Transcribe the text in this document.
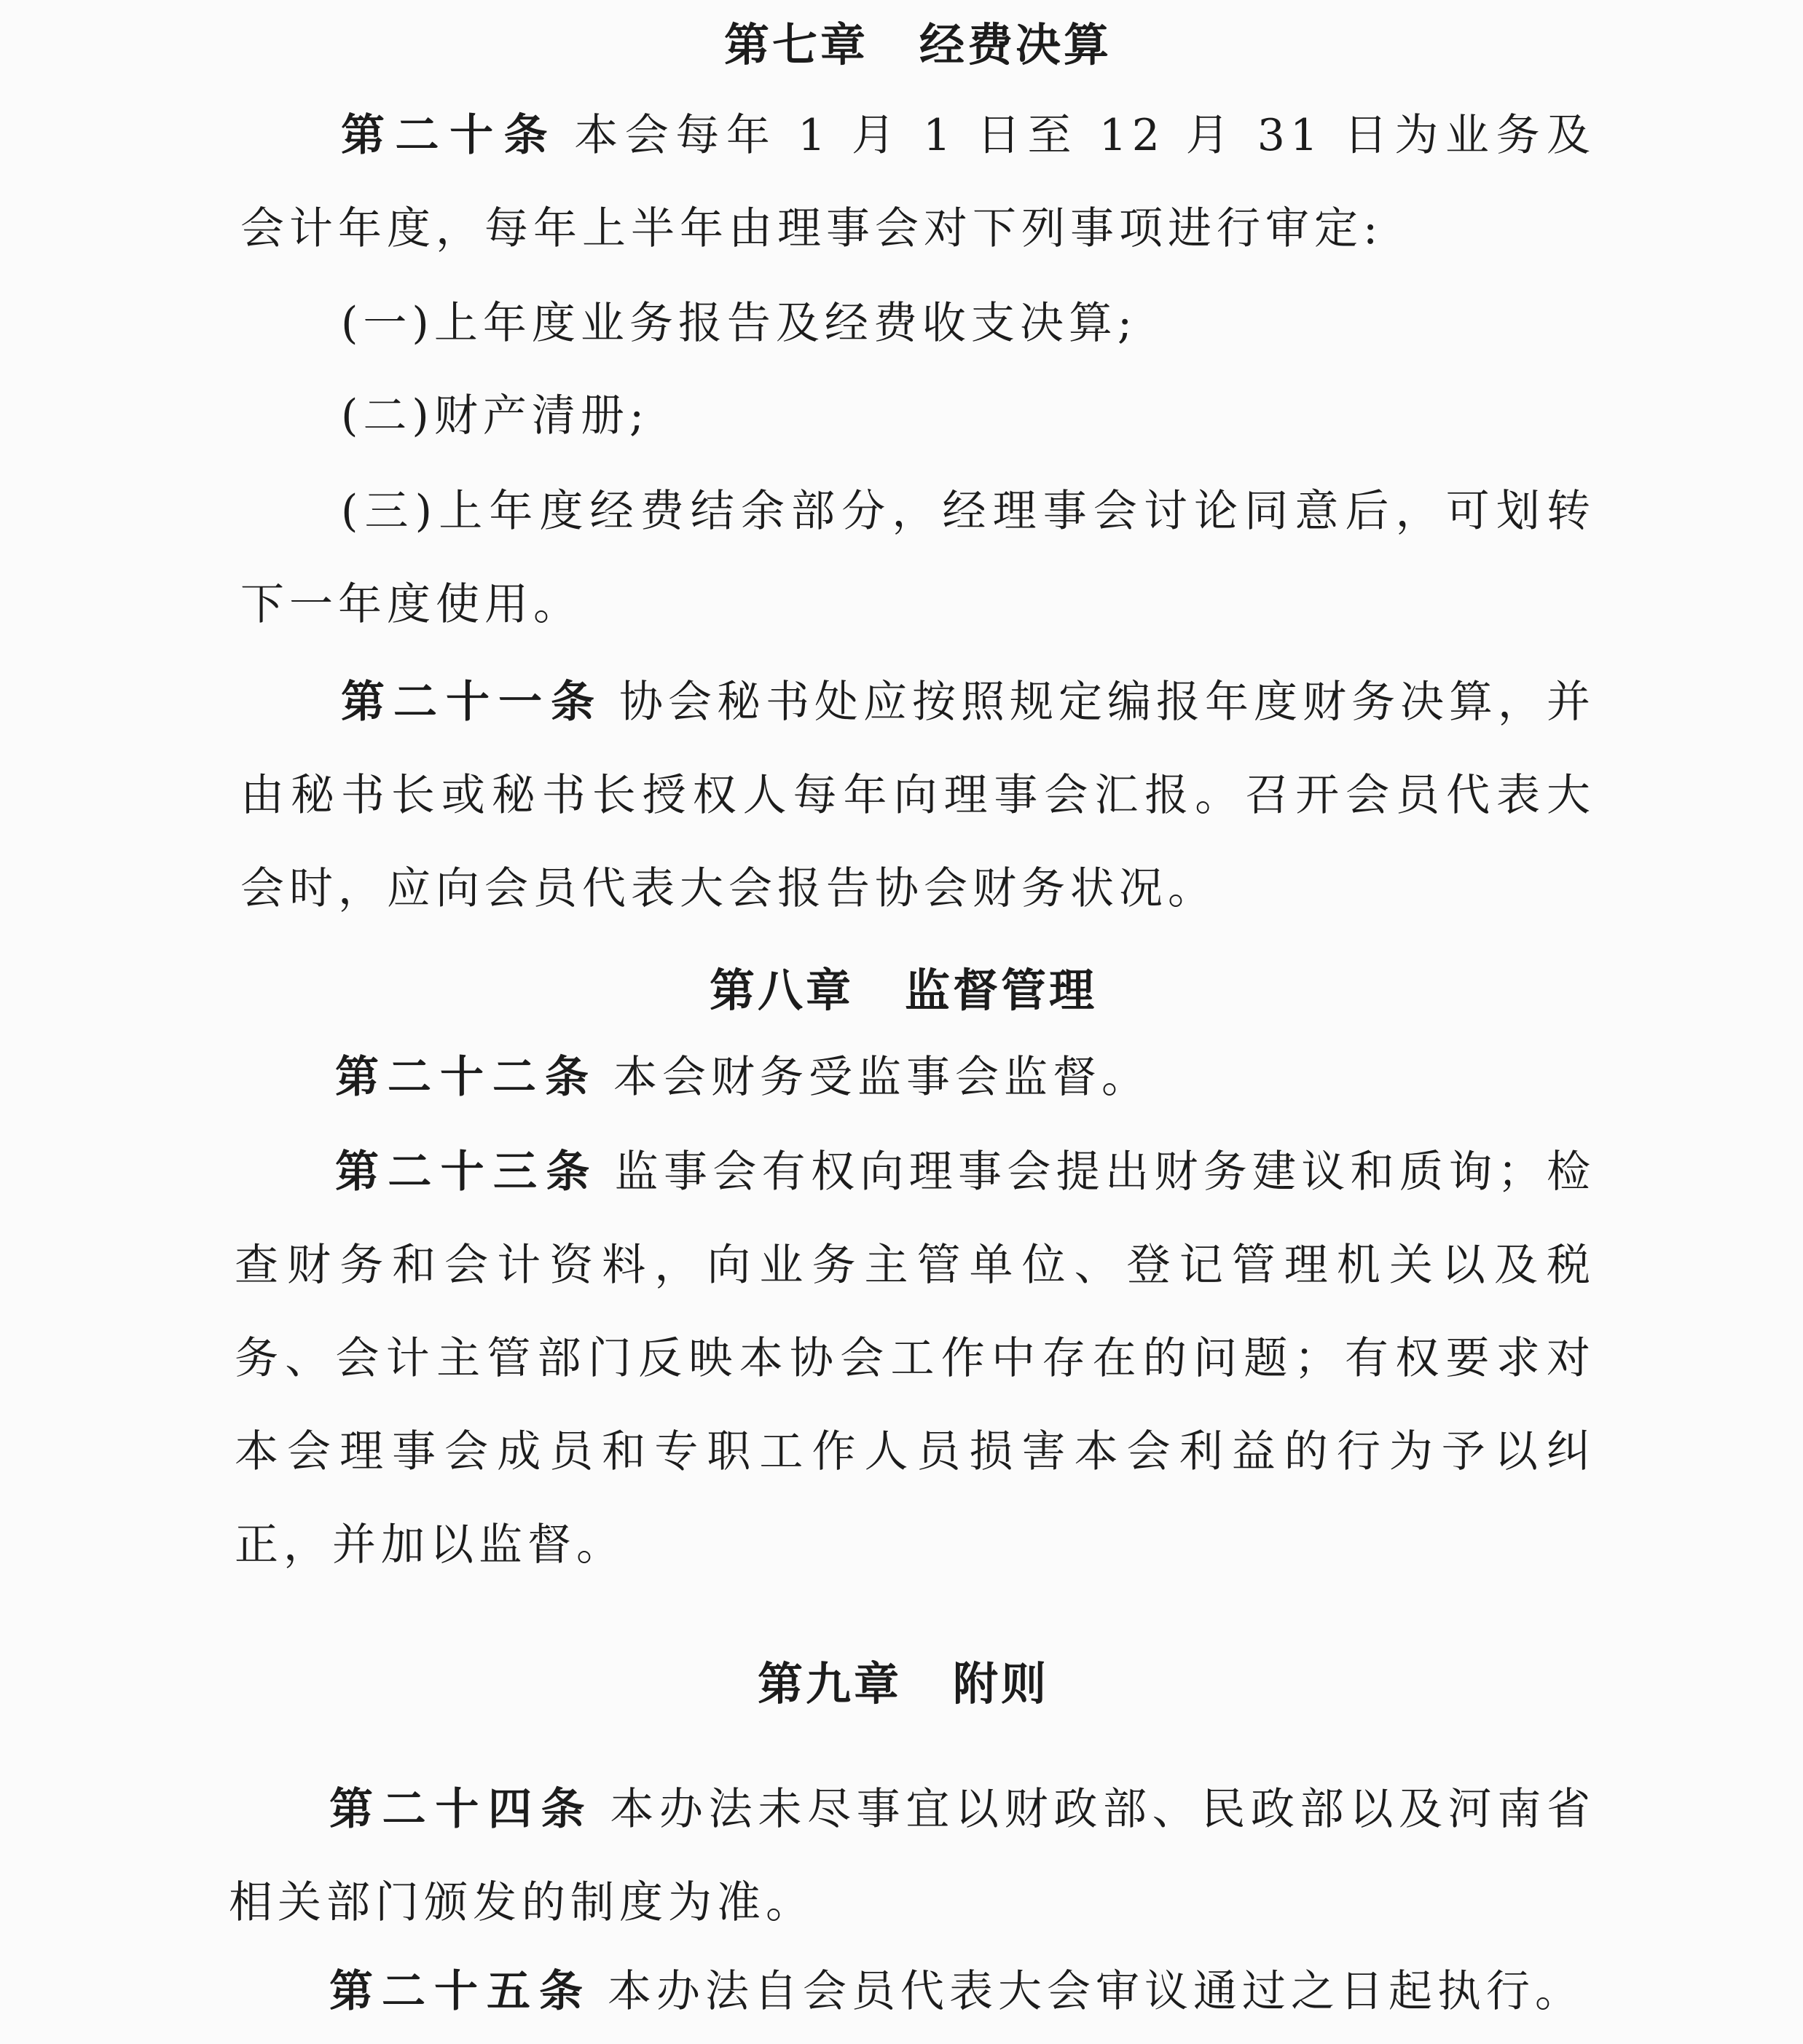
第七章 经费决算

第二十条 本会每年 1 月 1 日至 12 月 31 日为业务及会计年度，每年上半年由理事会对下列事项进行审定:

(一)上年度业务报告及经费收支决算;

(二)财产清册;

(三)上年度经费结余部分，经理事会讨论同意后，可划转下一年度使用。

第二十一条 协会秘书处应按照规定编报年度财务决算，并由秘书长或秘书长授权人每年向理事会汇报。召开会员代表大会时，应向会员代表大会报告协会财务状况。

第八章 监督管理

第二十二条 本会财务受监事会监督。

第二十三条 监事会有权向理事会提出财务建议和质询；检查财务和会计资料，向业务主管单位、登记管理机关以及税务、会计主管部门反映本协会工作中存在的问题；有权要求对本会理事会成员和专职工作人员损害本会利益的行为予以纠正，并加以监督。

第九章 附则

第二十四条 本办法未尽事宜以财政部、民政部以及河南省相关部门颁发的制度为准。

第二十五条 本办法自会员代表大会审议通过之日起执行。
